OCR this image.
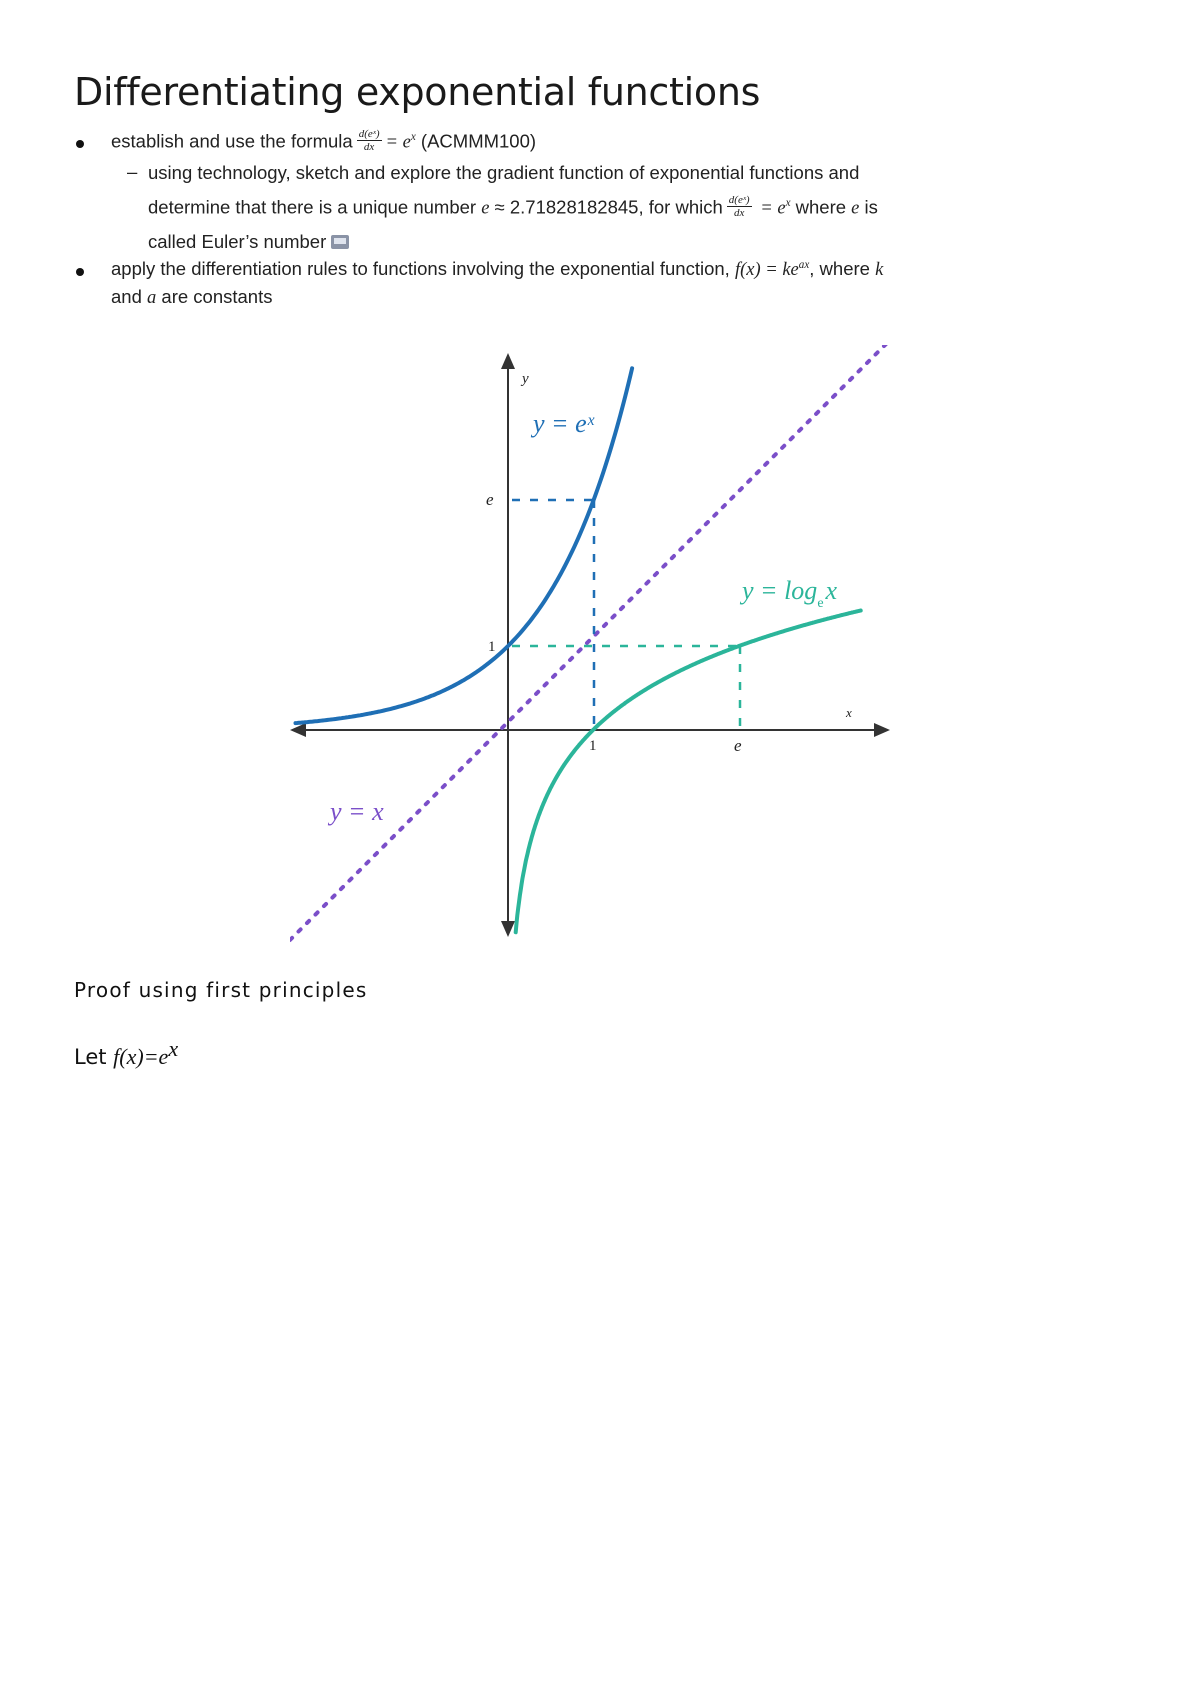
Differentiating exponential functions
establish and use the formula $\frac{\text{d(eˣ)}}{dx} = e^x$ (ACMMM100)
– using technology, sketch and explore the gradient function of exponential functions and
determine that there is a unique number e ≈ 2.71828182845, for which $\frac{\text{d(eˣ)}}{dx} = e^x$ where e is
called Euler’s number
apply the differentiation rules to functions involving the exponential function, $f(x) = ke^{ax}$, where k
and a are constants
y
x
y = eˣ
$y = \log_ex$
y = x
e
1
1	e
Proof using first principles
Let $f(x)=e^x$
